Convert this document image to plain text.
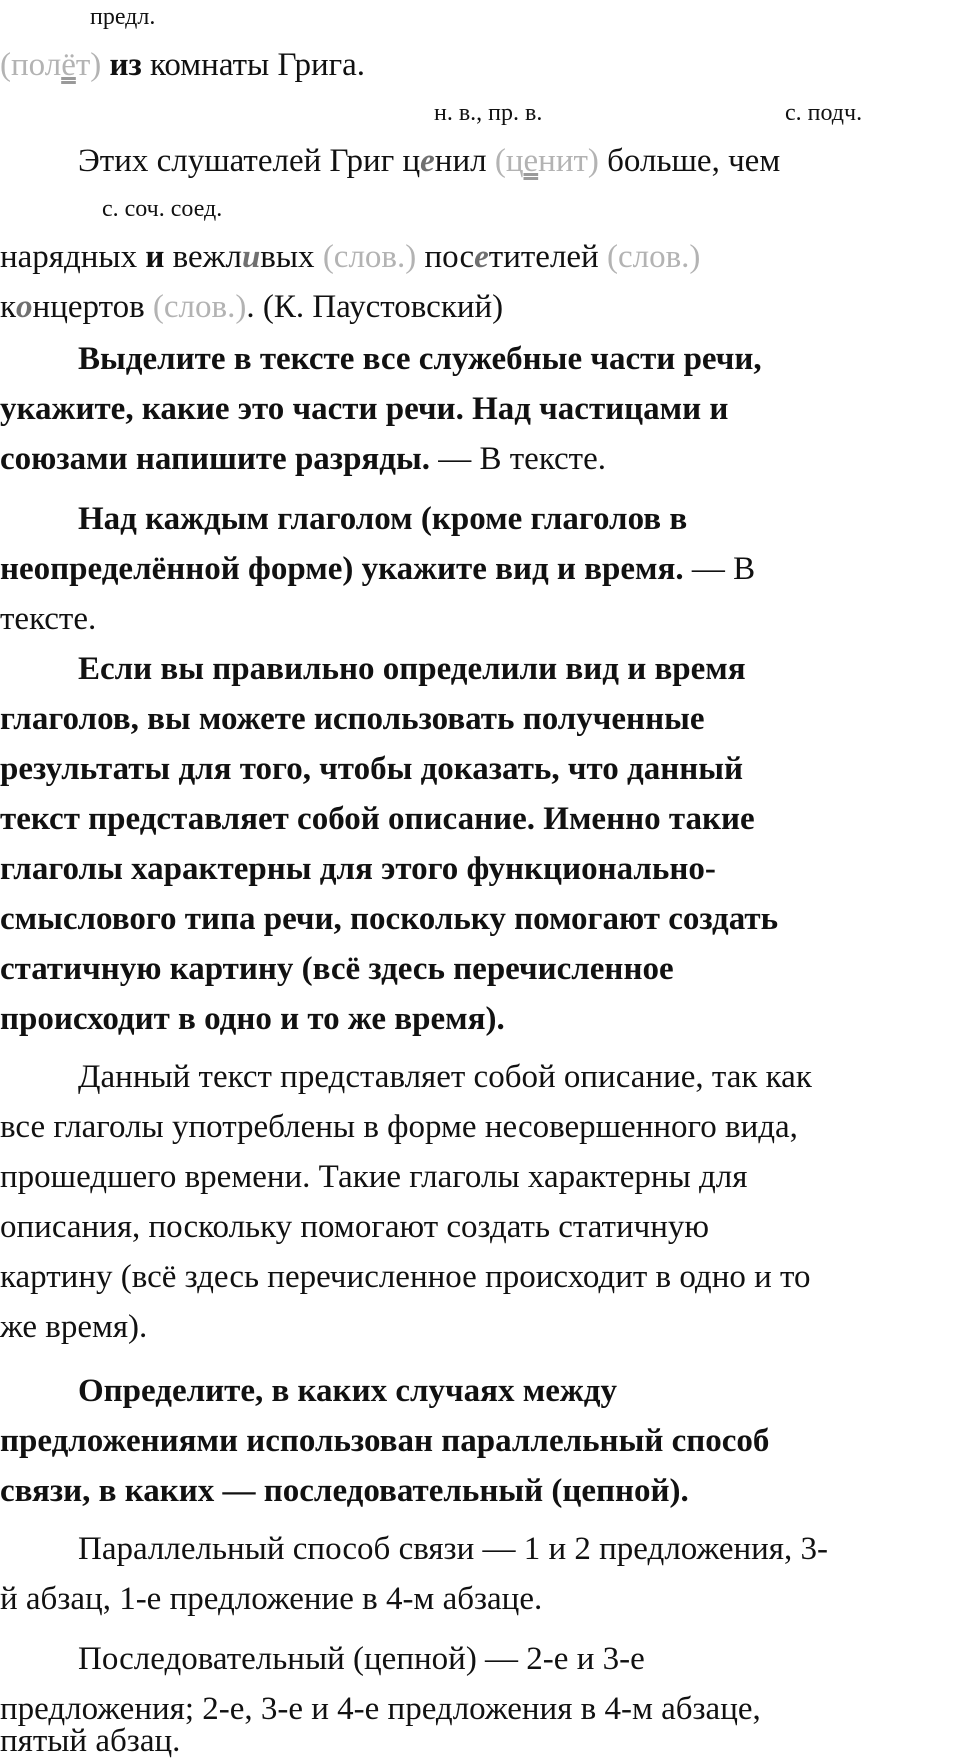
предл.
н. в., пр. в.	с. подч.
с. соч. соед.
(полёт) из комнаты Грига.
Этих слушателей Григ ценил (ценит) больше, чем
нарядных и вежливых (слов.) посетителей (слов.)
концертов (слов.). (К. Паустовский)
Выделите в тексте все служебные части речи,
укажите, какие это части речи. Над частицами и
союзами напишите разряды. — В тексте.
Над каждым глаголом (кроме глаголов в
неопределённой форме) укажите вид и время. — В
тексте.
Если вы правильно определили вид и время
глаголов, вы можете использовать полученные
результаты для того, чтобы доказать, что данный
текст представляет собой описание. Именно такие
глаголы характерны для этого функционально-
смыслового типа речи, поскольку помогают создать
статичную картину (всё здесь перечисленное
происходит в одно и то же время).
Данный текст представляет собой описание, так как
все глаголы употреблены в форме несовершенного вида,
прошедшего времени. Такие глаголы характерны для
описания, поскольку помогают создать статичную
картину (всё здесь перечисленное происходит в одно и то
же время).
Определите, в каких случаях между
предложениями использован параллельный способ
связи, в каких — последовательный (цепной).
Параллельный способ связи — 1 и 2 предложения, 3-
й абзац, 1-е предложение в 4-м абзаце.
Последовательный (цепной) — 2-е и 3-е
предложения; 2-е, 3-е и 4-е предложения в 4-м абзаце,
пятый абзац.
